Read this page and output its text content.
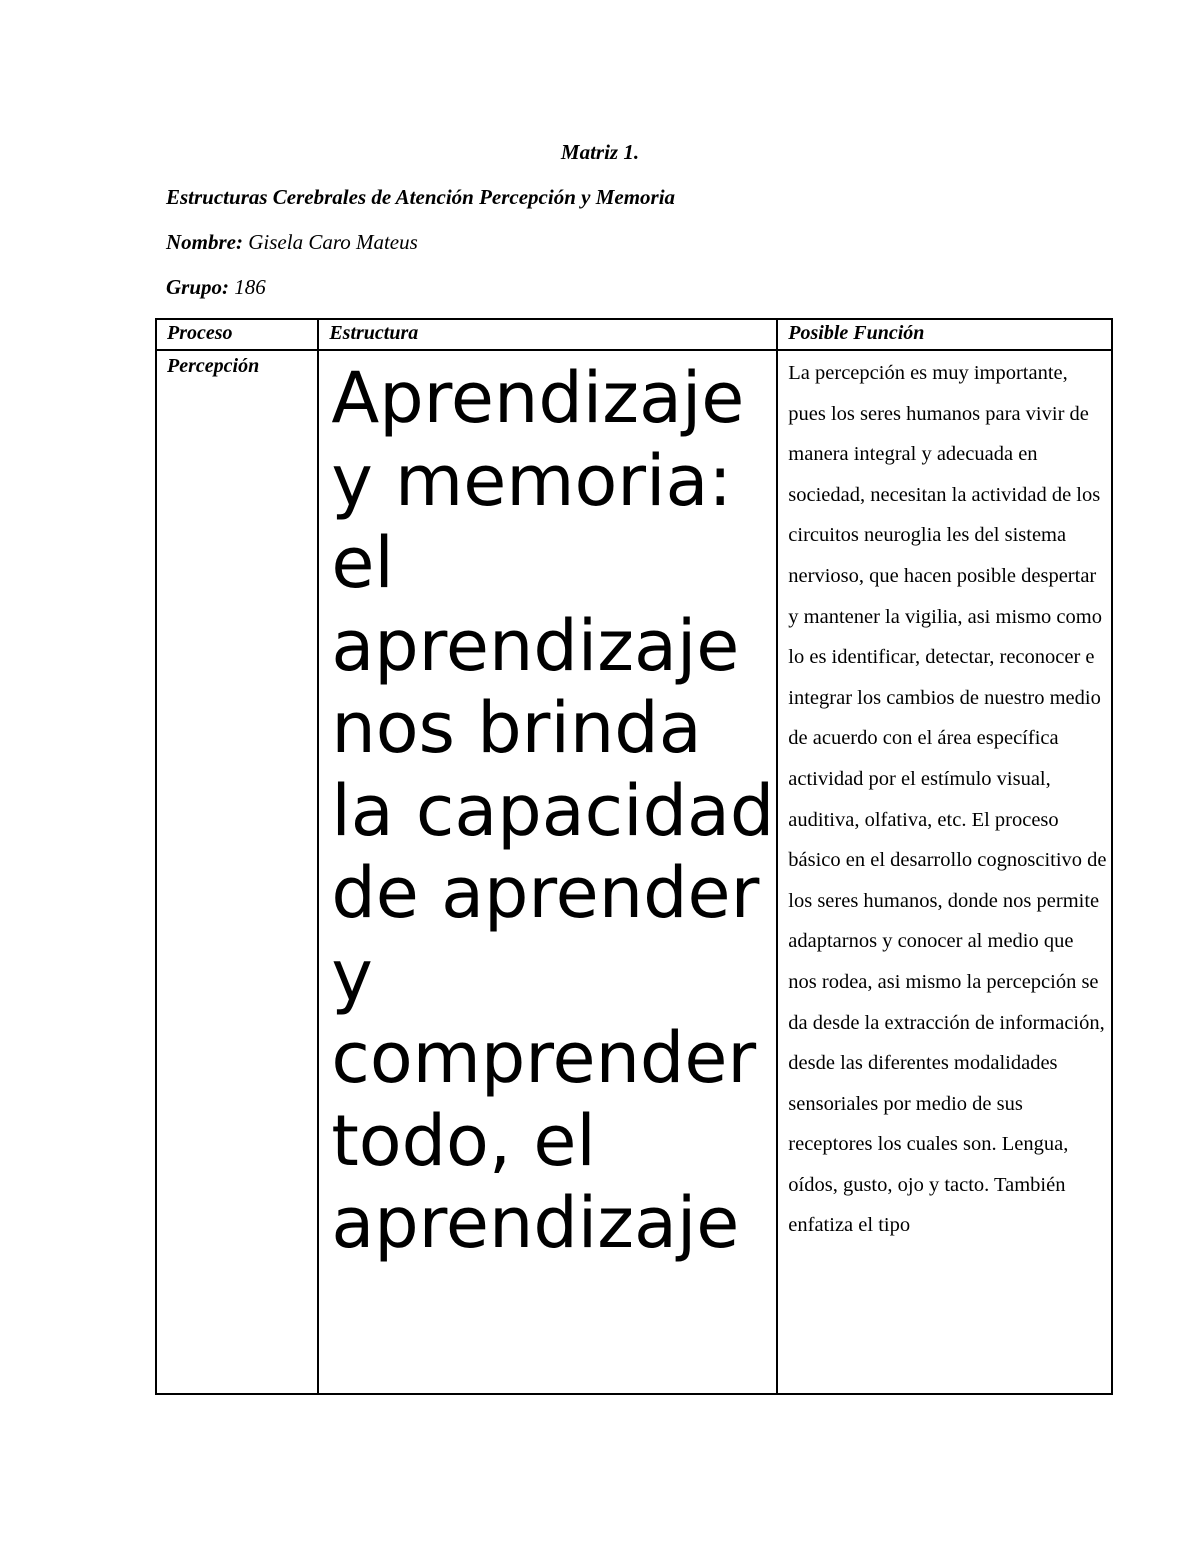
Matriz 1.
Estructuras Cerebrales de Atención Percepción y Memoria
Nombre: Gisela Caro Mateus
Grupo: 186
Proceso	Estructura	Posible Función
Percepción	Aprendizaje y memoria: el aprendizaje nos brinda la capacidad de aprender y comprender todo, el aprendizaje	La percepción es muy importante, pues los seres humanos para vivir de manera integral y adecuada en sociedad, necesitan la actividad de los circuitos neuroglia les del sistema nervioso, que hacen posible despertar y mantener la vigilia, asi mismo como lo es identificar, detectar, reconocer e integrar los cambios de nuestro medio de acuerdo con el área específica actividad por el estímulo visual, auditiva, olfativa, etc. El proceso básico en el desarrollo cognoscitivo de los seres humanos, donde nos permite adaptarnos y conocer al medio que nos rodea, asi mismo la percepción se da desde la extracción de información, desde las diferentes modalidades sensoriales por medio de sus receptores los cuales son. Lengua, oídos, gusto, ojo y tacto. También enfatiza el tipo
